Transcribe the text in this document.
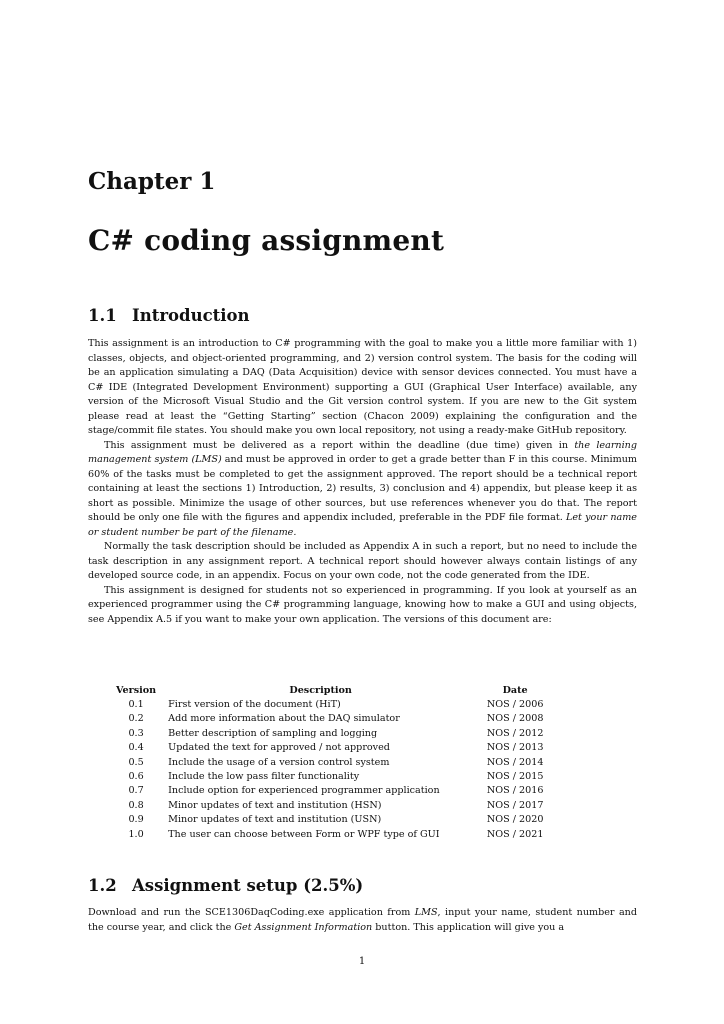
Chapter 1
C# coding assignment
1.1 Introduction

This assignment is an introduction to C# programming with the goal to make you a little more familiar with 1) classes, objects, and object-oriented programming, and 2) version control system. The basis for the coding will be an application simulating a DAQ (Data Acquisition) device with sensor devices connected. You must have a C# IDE (Integrated Development Environment) supporting a GUI (Graphical User Interface) available, any version of the Microsoft Visual Studio and the Git version control system. If you are new to the Git system please read at least the “Getting Starting” section (Chacon 2009) explaining the configuration and the stage/commit file states. You should make you own local repository, not using a ready-make GitHub repository.

This assignment must be delivered as a report within the deadline (due time) given in the learning management system (LMS) and must be approved in order to get a grade better than F in this course. Minimum 60% of the tasks must be completed to get the assignment approved. The report should be a technical report containing at least the sections 1) Introduction, 2) results, 3) conclusion and 4) appendix, but please keep it as short as possible. Minimize the usage of other sources, but use references whenever you do that. The report should be only one file with the figures and appendix included, preferable in the PDF file format. Let your name or student number be part of the filename.

Normally the task description should be included as Appendix A in such a report, but no need to include the task description in any assignment report. A technical report should however always contain listings of any developed source code, in an appendix. Focus on your own code, not the code generated from the IDE.

This assignment is designed for students not so experienced in programming. If you look at yourself as an experienced programmer using the C# programming language, knowing how to make a GUI and using objects, see Appendix A.5 if you want to make your own application. The versions of this document are:

Version	Description	Date
0.1	First version of the document (HiT)	NOS / 2006
0.2	Add more information about the DAQ simulator	NOS / 2008
0.3	Better description of sampling and logging	NOS / 2012
0.4	Updated the text for approved / not approved	NOS / 2013
0.5	Include the usage of a version control system	NOS / 2014
0.6	Include the low pass filter functionality	NOS / 2015
0.7	Include option for experienced programmer application	NOS / 2016
0.8	Minor updates of text and institution (HSN)	NOS / 2017
0.9	Minor updates of text and institution (USN)	NOS / 2020
1.0	The user can choose between Form or WPF type of GUI	NOS / 2021
1.2 Assignment setup (2.5%)

Download and run the SCE1306DaqCoding.exe application from LMS, input your name, student number and the course year, and click the Get Assignment Information button. This application will give you a

1
